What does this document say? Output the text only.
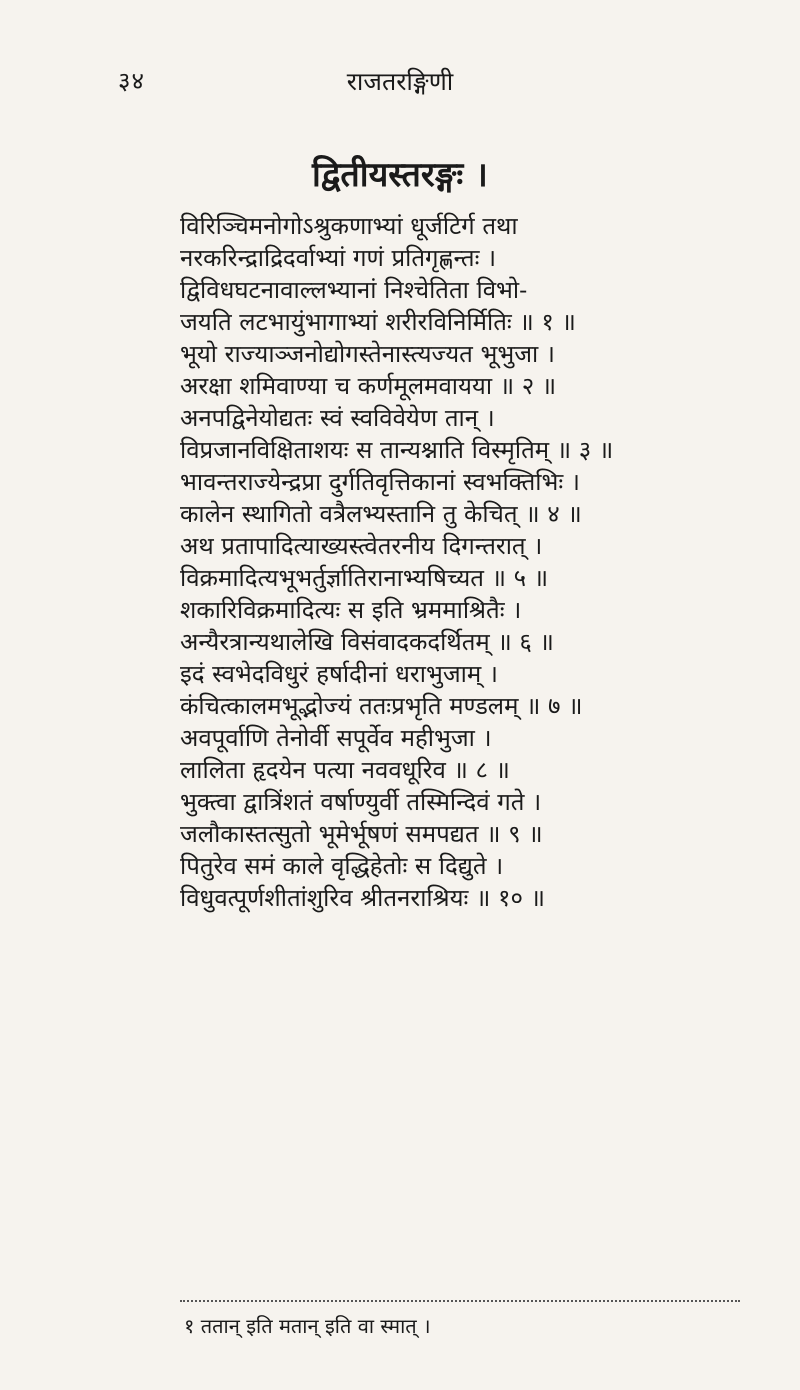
३४	राजतरङ्गिणी
द्वितीयस्तरङ्गः ।
विरिञ्चिमनोगोऽश्रुकणाभ्यां धूर्जटिर्ग तथा
नरकरिन्द्राद्रिदर्वाभ्यां गणं प्रतिगृह्णन्तः ।
द्विविधघटनावाल्लभ्यानां निश्चेतिता विभो-
जयति लटभायुंभागाभ्यां शरीरविनिर्मितिः ॥ १ ॥
भूयो राज्याञ्जनोद्योगस्तेनास्त्यज्यत भूभुजा ।
अरक्षा शमिवाण्या च कर्णमूलमवायया ॥ २ ॥
अनपद्विनेयोद्यतः स्वं स्वविवेयेण तान् ।
विप्रजानविक्षिताशयः स तान्यश्नाति विस्मृतिम् ॥ ३ ॥
भावन्तराज्येन्द्रप्रा दुर्गतिवृत्तिकानां स्वभक्तिभिः ।
कालेन स्थागितो वत्रैलभ्यस्तानि तु केचित् ॥ ४ ॥
अथ प्रतापादित्याख्यस्त्वेतरनीय दिगन्तरात् ।
विक्रमादित्यभूभर्तुर्ज्ञातिरानाभ्यषिच्यत ॥ ५ ॥
शकारिविक्रमादित्यः स इति भ्रममाश्रितैः ।
अन्यैरत्रान्यथालेखि विसंवादकदर्थितम् ॥ ६ ॥
इदं स्वभेदविधुरं हर्षादीनां धराभुजाम् ।
कंचित्कालमभूद्भोज्यं ततःप्रभृति मण्डलम् ॥ ७ ॥
अवपूर्वाणि तेनोर्वी सपूर्वेव महीभुजा ।
लालिता हृदयेन पत्या नववधूरिव ॥ ८ ॥
भुक्त्वा द्वात्रिंशतं वर्षाण्युर्वी तस्मिन्दिवं गते ।
जलौकास्तत्सुतो भूमेर्भूषणं समपद्यत ॥ ९ ॥
पितुरेव समं काले वृद्धिहेतोः स दिद्युते ।
विधुवत्पूर्णशीतांशुरिव श्रीतनराश्रियः ॥ १० ॥
१ ततान् इति मतान् इति वा स्मात् ।
